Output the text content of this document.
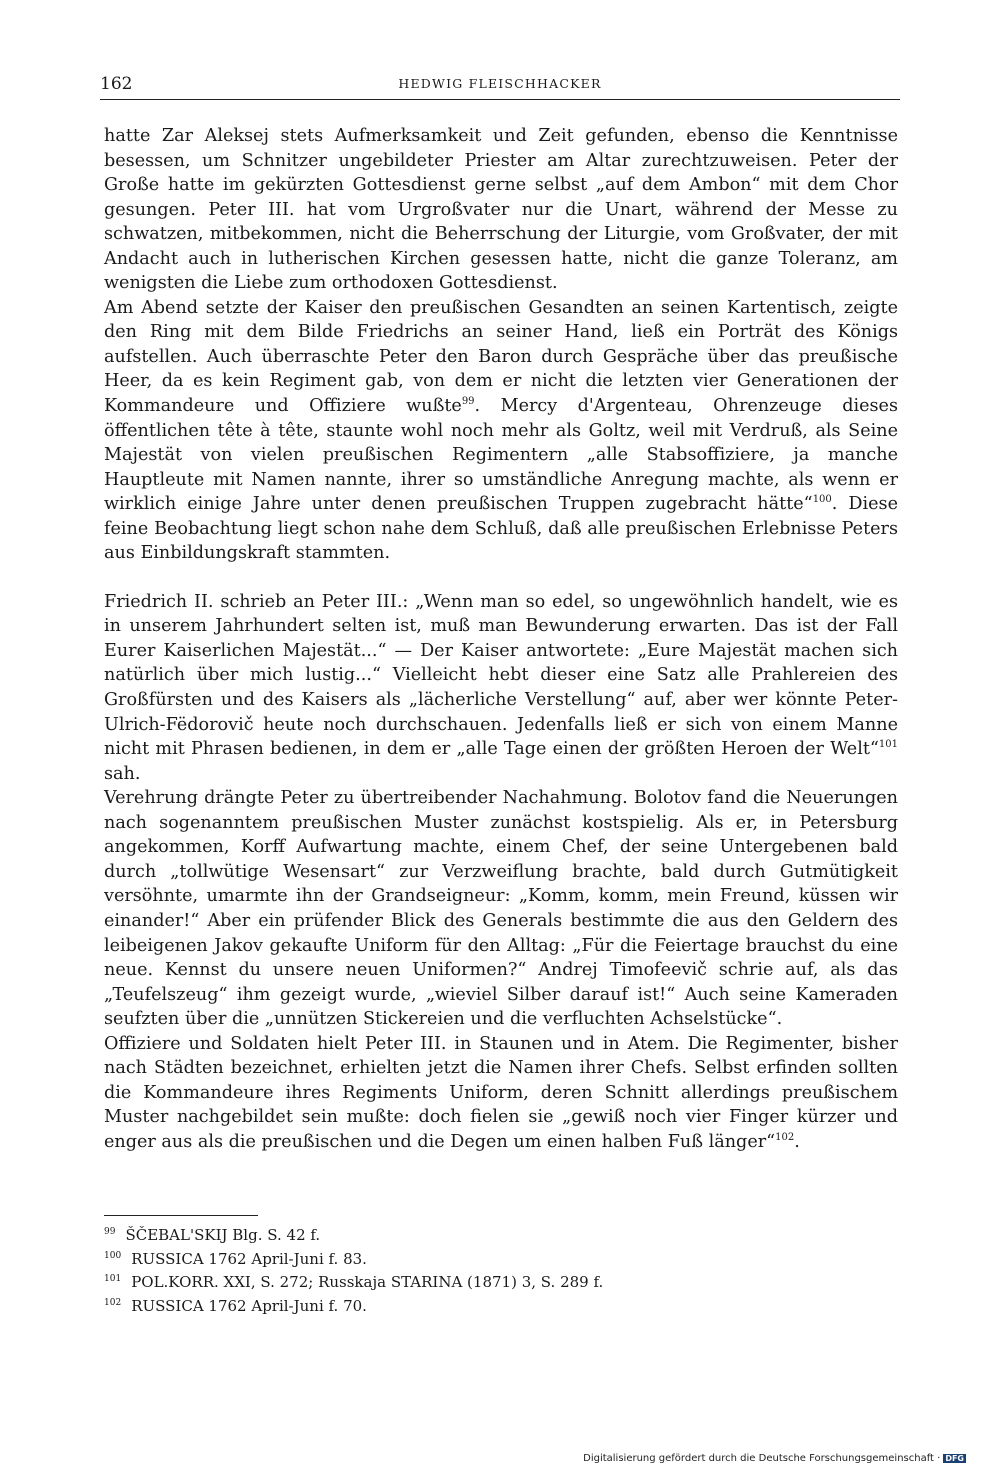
162	HEDWIG FLEISCHHACKER

hatte Zar Aleksej stets Aufmerksamkeit und Zeit gefunden, ebenso die Kenntnisse besessen, um Schnitzer ungebildeter Priester am Altar zurechtzuweisen. Peter der Große hatte im gekürzten Gottesdienst gerne selbst „auf dem Ambon“ mit dem Chor gesungen. Peter III. hat vom Urgroßvater nur die Unart, während der Messe zu schwatzen, mitbekommen, nicht die Beherrschung der Liturgie, vom Großvater, der mit Andacht auch in lutherischen Kirchen gesessen hatte, nicht die ganze Toleranz, am wenigsten die Liebe zum orthodoxen Gottesdienst.

Am Abend setzte der Kaiser den preußischen Gesandten an seinen Kartentisch, zeigte den Ring mit dem Bilde Friedrichs an seiner Hand, ließ ein Porträt des Königs aufstellen. Auch überraschte Peter den Baron durch Gespräche über das preußische Heer, da es kein Regiment gab, von dem er nicht die letzten vier Generationen der Kommandeure und Offiziere wußte$^{99}$. Mercy d'Argenteau, Ohrenzeuge dieses öffentlichen tête à tête, staunte wohl noch mehr als Goltz, weil mit Verdruß, als Seine Majestät von vielen preußischen Regimentern „alle Stabsoffiziere, ja manche Hauptleute mit Namen nannte, ihrer so umständliche Anregung machte, als wenn er wirklich einige Jahre unter denen preußischen Truppen zugebracht hätte“$^{100}$. Diese feine Beobachtung liegt schon nahe dem Schluß, daß alle preußischen Erlebnisse Peters aus Einbildungskraft stammten.

Friedrich II. schrieb an Peter III.: „Wenn man so edel, so ungewöhnlich handelt, wie es in unserem Jahrhundert selten ist, muß man Bewunderung erwarten. Das ist der Fall Eurer Kaiserlichen Majestät...“ — Der Kaiser antwortete: „Eure Majestät machen sich natürlich über mich lustig...“ Vielleicht hebt dieser eine Satz alle Prahlereien des Großfürsten und des Kaisers als „lächerliche Verstellung“ auf, aber wer könnte Peter-Ulrich-Fëdorovič heute noch durchschauen. Jedenfalls ließ er sich von einem Manne nicht mit Phrasen bedienen, in dem er „alle Tage einen der größten Heroen der Welt“$^{101}$ sah.

Verehrung drängte Peter zu übertreibender Nachahmung. Bolotov fand die Neuerungen nach sogenanntem preußischen Muster zunächst kostspielig. Als er, in Petersburg angekommen, Korff Aufwartung machte, einem Chef, der seine Untergebenen bald durch „tollwütige Wesensart“ zur Verzweiflung brachte, bald durch Gutmütigkeit versöhnte, umarmte ihn der Grandseigneur: „Komm, komm, mein Freund, küssen wir einander!“ Aber ein prüfender Blick des Generals bestimmte die aus den Geldern des leibeigenen Jakov gekaufte Uniform für den Alltag: „Für die Feiertage brauchst du eine neue. Kennst du unsere neuen Uniformen?“ Andrej Timofeevič schrie auf, als das „Teufelszeug“ ihm gezeigt wurde, „wieviel Silber darauf ist!“ Auch seine Kameraden seufzten über die „unnützen Stickereien und die verfluchten Achselstücke“.

Offiziere und Soldaten hielt Peter III. in Staunen und in Atem. Die Regimenter, bisher nach Städten bezeichnet, erhielten jetzt die Namen ihrer Chefs. Selbst erfinden sollten die Kommandeure ihres Regiments Uniform, deren Schnitt allerdings preußischem Muster nachgebildet sein mußte: doch fielen sie „gewiß noch vier Finger kürzer und enger aus als die preußischen und die Degen um einen halben Fuß länger“$^{102}$.

$^{99}$ ŠČEBAL'SKIJ Blg. S. 42 f.
$^{100}$ RUSSICA 1762 April-Juni f. 83.
$^{101}$ POL.KORR. XXI, S. 272; Russkaja STARINA (1871) 3, S. 289 f.
$^{102}$ RUSSICA 1762 April-Juni f. 70.
Digitalisierung gefördert durch die Deutsche Forschungsgemeinschaft · DFG
